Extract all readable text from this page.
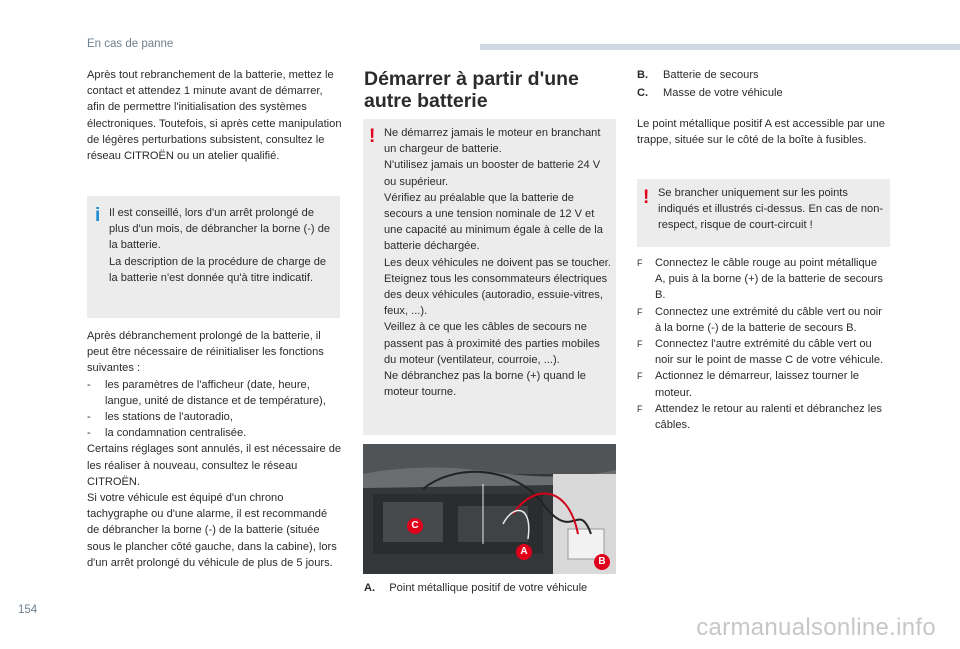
En cas de panne
Après tout rebranchement de la batterie, mettez le contact et attendez 1 minute avant de démarrer, afin de permettre l'initialisation des systèmes électroniques. Toutefois, si après cette manipulation de légères perturbations subsistent, consultez le réseau CITROËN ou un atelier qualifié.
i Il est conseillé, lors d'un arrêt prolongé de plus d'un mois, de débrancher la borne (-) de la batterie.
La description de la procédure de charge de la batterie n'est donnée qu'à titre indicatif.
Après débranchement prolongé de la batterie, il peut être nécessaire de réinitialiser les fonctions suivantes :
- les paramètres de l'afficheur (date, heure, langue, unité de distance et de température),
- les stations de l'autoradio,
- la condamnation centralisée.
Certains réglages sont annulés, il est nécessaire de les réaliser à nouveau, consultez le réseau CITROËN.
Si votre véhicule est équipé d'un chrono tachygraphe ou d'une alarme, il est recommandé de débrancher la borne (-) de la batterie (située sous le plancher côté gauche, dans la cabine), lors d'un arrêt prolongé du véhicule de plus de 5 jours.
Démarrer à partir d'une autre batterie
! Ne démarrez jamais le moteur en branchant un chargeur de batterie.
N'utilisez jamais un booster de batterie 24 V ou supérieur.
Vérifiez au préalable que la batterie de secours a une tension nominale de 12 V et une capacité au minimum égale à celle de la batterie déchargée.
Les deux véhicules ne doivent pas se toucher.
Eteignez tous les consommateurs électriques des deux véhicules (autoradio, essuie-vitres, feux, ...).
Veillez à ce que les câbles de secours ne passent pas à proximité des parties mobiles du moteur (ventilateur, courroie, ...).
Ne débranchez pas la borne (+) quand le moteur tourne.
C
A
B
A. Point métallique positif de votre véhicule
B. Batterie de secours
C. Masse de votre véhicule
Le point métallique positif A est accessible par une trappe, située sur le côté de la boîte à fusibles.
! Se brancher uniquement sur les points indiqués et illustrés ci-dessus. En cas de non-respect, risque de court-circuit !
F Connectez le câble rouge au point métallique A, puis à la borne (+) de la batterie de secours B.
F Connectez une extrémité du câble vert ou noir à la borne (-) de la batterie de secours B.
F Connectez l'autre extrémité du câble vert ou noir sur le point de masse C de votre véhicule.
F Actionnez le démarreur, laissez tourner le moteur.
F Attendez le retour au ralenti et débranchez les câbles.
154
carmanualsonline.info
